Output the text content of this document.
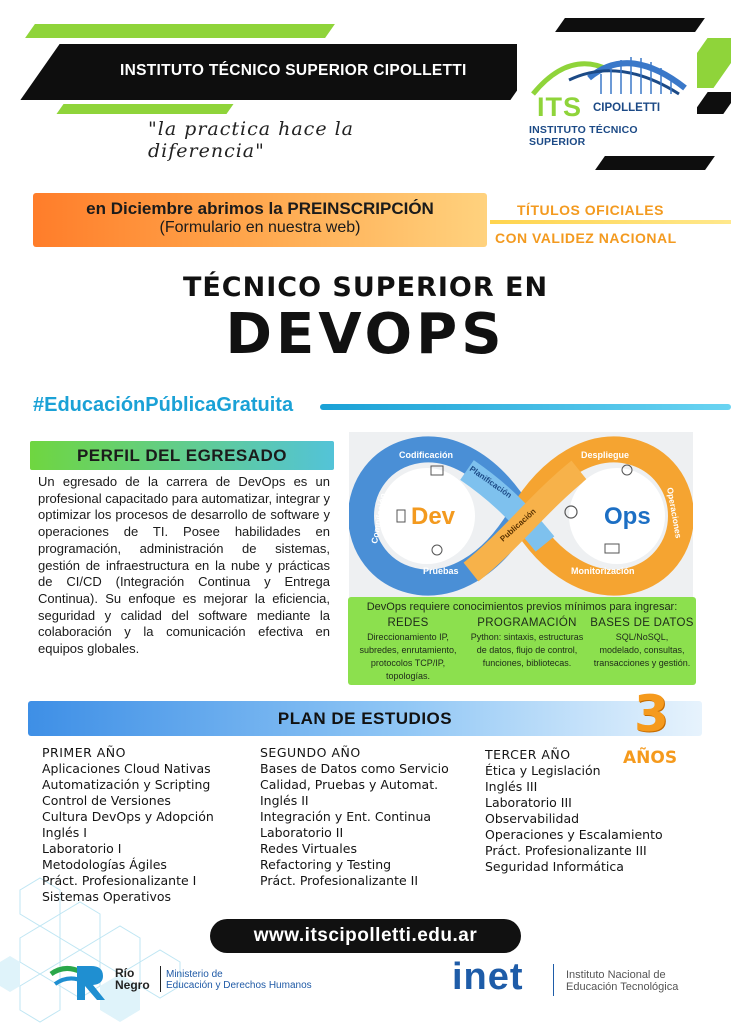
INSTITUTO TÉCNICO SUPERIOR CIPOLLETTI
"la practica hace la diferencia"
ITS CIPOLLETTI
INSTITUTO TÉCNICO SUPERIOR
en Diciembre abrimos la PREINSCRIPCIÓN
(Formulario en nuestra web)
TÍTULOS OFICIALES
CON VALIDEZ NACIONAL
TÉCNICO SUPERIOR EN
DEVOPS
#EducaciónPúblicaGratuita
PERFIL DEL EGRESADO
Un egresado de la carrera de DevOps es un profesional capacitado para automatizar, integrar y optimizar los procesos de desarrollo de software y operaciones de TI. Posee habilidades en programación, administración de sistemas, gestión de infraestructura en la nube y prácticas de CI/CD (Integración Continua y Entrega Continua). Su enfoque es mejorar la eficiencia, seguridad y calidad del software mediante la colaboración y la comunicación efectiva en equipos globales.
Dev	Ops
Codificación
Planificación
Compilación
Pruebas
Publicación
Despliegue
Operaciones
Monitorización
DevOps requiere conocimientos previos mínimos para ingresar:
REDES
Direccionamiento IP,
subredes, enrutamiento,
protocolos TCP/IP, topologías.
PROGRAMACIÓN
Python: sintaxis, estructuras
de datos, flujo de control,
funciones, bibliotecas.
BASES DE DATOS
SQL/NoSQL,
modelado, consultas,
transacciones y gestión.
PLAN DE ESTUDIOS	3
AÑOS
PRIMER AÑO
Aplicaciones Cloud Nativas
Automatización y Scripting
Control de Versiones
Cultura DevOps y Adopción
Inglés I
Laboratorio I
Metodologías Ágiles
Práct. Profesionalizante I
Sistemas Operativos
SEGUNDO AÑO
Bases de Datos como Servicio
Calidad, Pruebas y Automat.
Inglés II
Integración y Ent. Continua
Laboratorio II
Redes Virtuales
Refactoring y Testing
Práct. Profesionalizante II
TERCER AÑO
Ética y Legislación
Inglés III
Laboratorio III
Observabilidad
Operaciones y Escalamiento
Práct. Profesionalizante III
Seguridad Informática
www.itscipolletti.edu.ar
Río
Negro
Ministerio de
Educación y Derechos Humanos	inet	Instituto Nacional de
Educación Tecnológica
